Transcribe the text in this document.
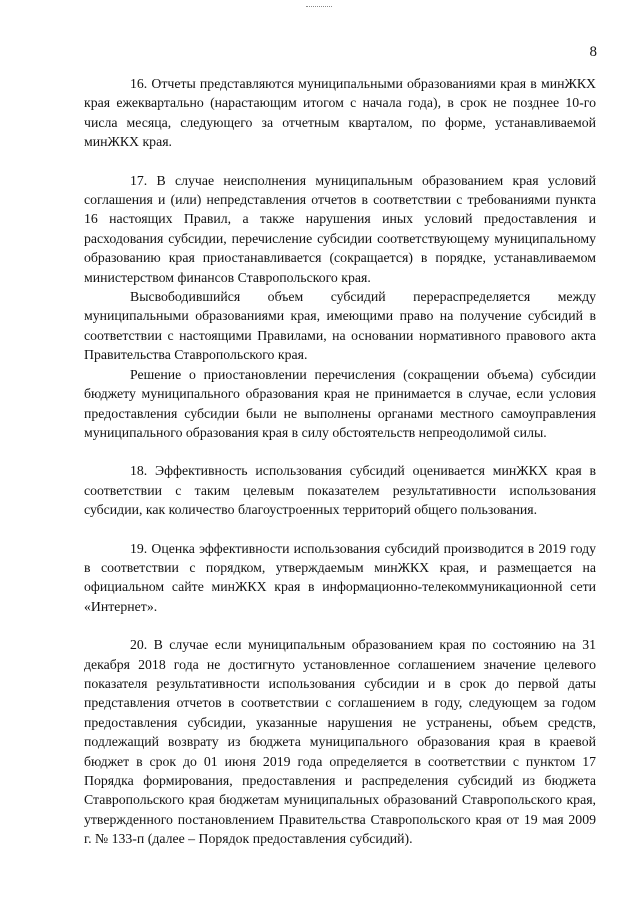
8

16. Отчеты представляются муниципальными образованиями края в минЖКХ края ежеквартально (нарастающим итогом с начала года), в срок не позднее 10-го числа месяца, следующего за отчетным кварталом, по форме, устанавливаемой минЖКХ края.

17. В случае неисполнения муниципальным образованием края условий соглашения и (или) непредставления отчетов в соответствии с требованиями пункта 16 настоящих Правил, а также нарушения иных условий предоставления и расходования субсидии, перечисление субсидии соответствующему муниципальному образованию края приостанавливается (сокращается) в порядке, устанавливаемом министерством финансов Ставропольского края.

Высвободившийся объем субсидий перераспределяется между муниципальными образованиями края, имеющими право на получение субсидий в соответствии с настоящими Правилами, на основании нормативного правового акта Правительства Ставропольского края.

Решение о приостановлении перечисления (сокращении объема) субсидии бюджету муниципального образования края не принимается в случае, если условия предоставления субсидии были не выполнены органами местного самоуправления муниципального образования края в силу обстоятельств непреодолимой силы.

18. Эффективность использования субсидий оценивается минЖКХ края в соответствии с таким целевым показателем результативности использования субсидии, как количество благоустроенных территорий общего пользования.

19. Оценка эффективности использования субсидий производится в 2019 году в соответствии с порядком, утверждаемым минЖКХ края, и размещается на официальном сайте минЖКХ края в информационно-телекоммуникационной сети «Интернет».

20. В случае если муниципальным образованием края по состоянию на 31 декабря 2018 года не достигнуто установленное соглашением значение целевого показателя результативности использования субсидии и в срок до первой даты представления отчетов в соответствии с соглашением в году, следующем за годом предоставления субсидии, указанные нарушения не устранены, объем средств, подлежащий возврату из бюджета муниципального образования края в краевой бюджет в срок до 01 июня 2019 года определяется в соответствии с пунктом 17 Порядка формирования, предоставления и распределения субсидий из бюджета Ставропольского края бюджетам муниципальных образований Ставропольского края, утвержденного постановлением Правительства Ставропольского края от 19 мая 2009 г. № 133-п (далее – Порядок предоставления субсидий).
